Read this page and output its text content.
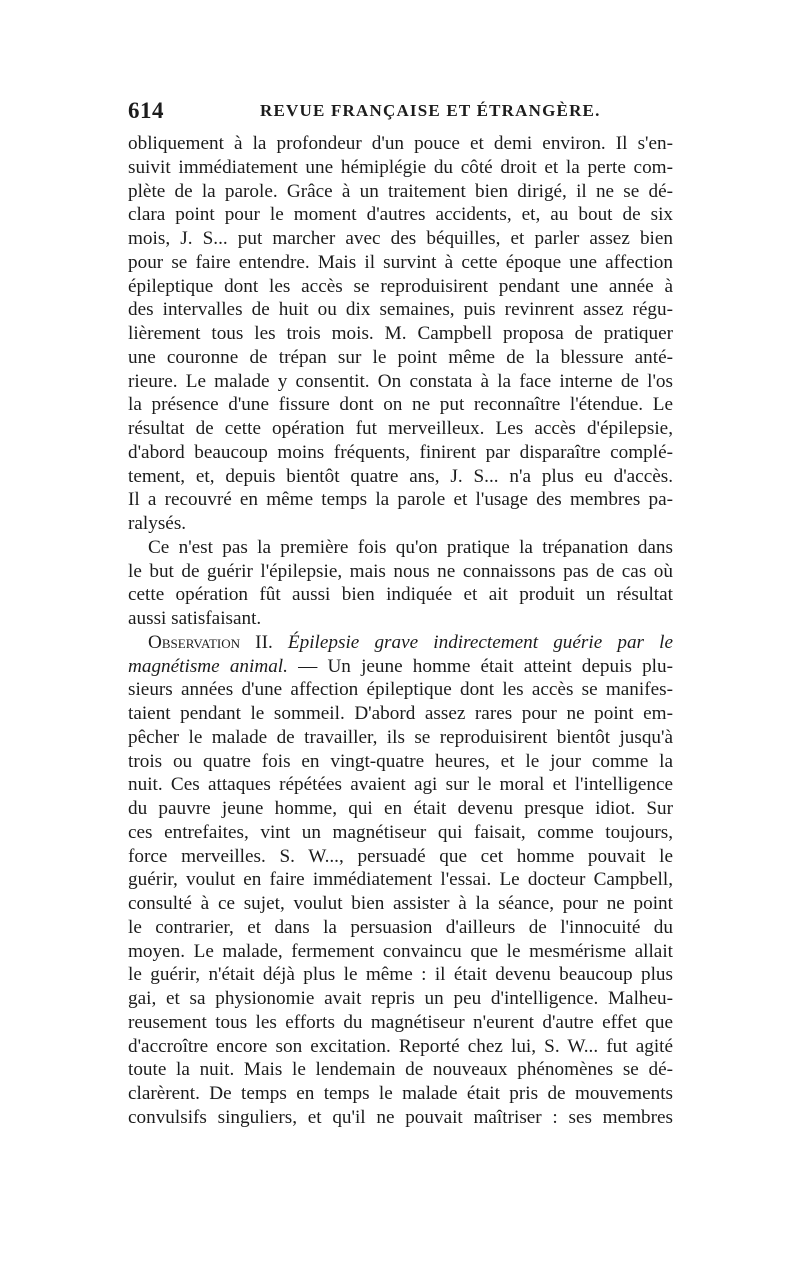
614	REVUE FRANÇAISE ET ÉTRANGÈRE.
obliquement à la profondeur d'un pouce et demi environ. Il s'en-
suivit immédiatement une hémiplégie du côté droit et la perte com-
plète de la parole. Grâce à un traitement bien dirigé, il ne se dé-
clara point pour le moment d'autres accidents, et, au bout de six
mois, J. S... put marcher avec des béquilles, et parler assez bien
pour se faire entendre. Mais il survint à cette époque une affection
épileptique dont les accès se reproduisirent pendant une année à
des intervalles de huit ou dix semaines, puis revinrent assez régu-
lièrement tous les trois mois. M. Campbell proposa de pratiquer
une couronne de trépan sur le point même de la blessure anté-
rieure. Le malade y consentit. On constata à la face interne de l'os
la présence d'une fissure dont on ne put reconnaître l'étendue. Le
résultat de cette opération fut merveilleux. Les accès d'épilepsie,
d'abord beaucoup moins fréquents, finirent par disparaître complé-
tement, et, depuis bientôt quatre ans, J. S... n'a plus eu d'accès.
Il a recouvré en même temps la parole et l'usage des membres pa-
ralysés.
Ce n'est pas la première fois qu'on pratique la trépanation dans
le but de guérir l'épilepsie, mais nous ne connaissons pas de cas où
cette opération fût aussi bien indiquée et ait produit un résultat
aussi satisfaisant.
Observation II. Épilepsie grave indirectement guérie par le
magnétisme animal. — Un jeune homme était atteint depuis plu-
sieurs années d'une affection épileptique dont les accès se manifes-
taient pendant le sommeil. D'abord assez rares pour ne point em-
pêcher le malade de travailler, ils se reproduisirent bientôt jusqu'à
trois ou quatre fois en vingt-quatre heures, et le jour comme la
nuit. Ces attaques répétées avaient agi sur le moral et l'intelligence
du pauvre jeune homme, qui en était devenu presque idiot. Sur
ces entrefaites, vint un magnétiseur qui faisait, comme toujours,
force merveilles. S. W..., persuadé que cet homme pouvait le
guérir, voulut en faire immédiatement l'essai. Le docteur Campbell,
consulté à ce sujet, voulut bien assister à la séance, pour ne point
le contrarier, et dans la persuasion d'ailleurs de l'innocuité du
moyen. Le malade, fermement convaincu que le mesmérisme allait
le guérir, n'était déjà plus le même : il était devenu beaucoup plus
gai, et sa physionomie avait repris un peu d'intelligence. Malheu-
reusement tous les efforts du magnétiseur n'eurent d'autre effet que
d'accroître encore son excitation. Reporté chez lui, S. W... fut agité
toute la nuit. Mais le lendemain de nouveaux phénomènes se dé-
clarèrent. De temps en temps le malade était pris de mouvements
convulsifs singuliers, et qu'il ne pouvait maîtriser : ses membres
